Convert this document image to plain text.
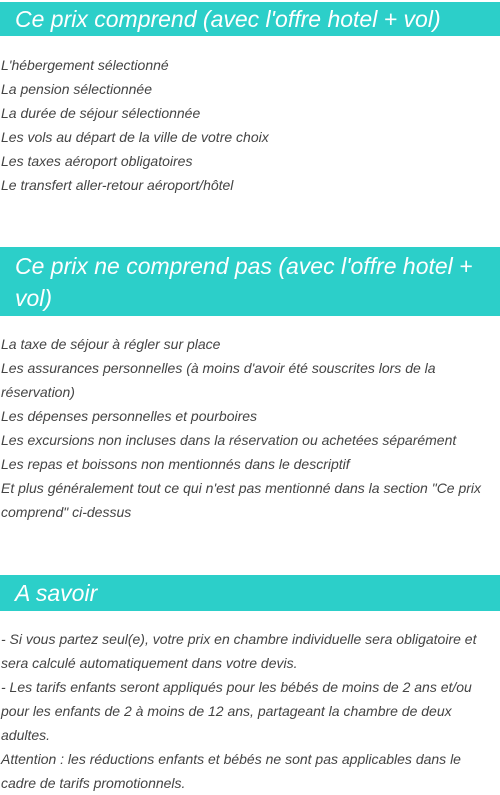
Ce prix comprend (avec l'offre hotel + vol)
L'hébergement sélectionné
La pension sélectionnée
La durée de séjour sélectionnée
Les vols au départ de la ville de votre choix
Les taxes aéroport obligatoires
Le transfert aller-retour aéroport/hôtel
Ce prix ne comprend pas (avec l'offre hotel + vol)
La taxe de séjour à régler sur place
Les assurances personnelles (à moins d'avoir été souscrites lors de la réservation)
Les dépenses personnelles et pourboires
Les excursions non incluses dans la réservation ou achetées séparément
Les repas et boissons non mentionnés dans le descriptif
Et plus généralement tout ce qui n'est pas mentionné dans la section "Ce prix comprend" ci-dessus
A savoir
- Si vous partez seul(e), votre prix en chambre individuelle sera obligatoire et sera calculé automatiquement dans votre devis.
- Les tarifs enfants seront appliqués pour les bébés de moins de 2 ans et/ou pour les enfants de 2 à moins de 12 ans, partageant la chambre de deux adultes.
Attention : les réductions enfants et bébés ne sont pas applicables dans le cadre de tarifs promotionnels.
